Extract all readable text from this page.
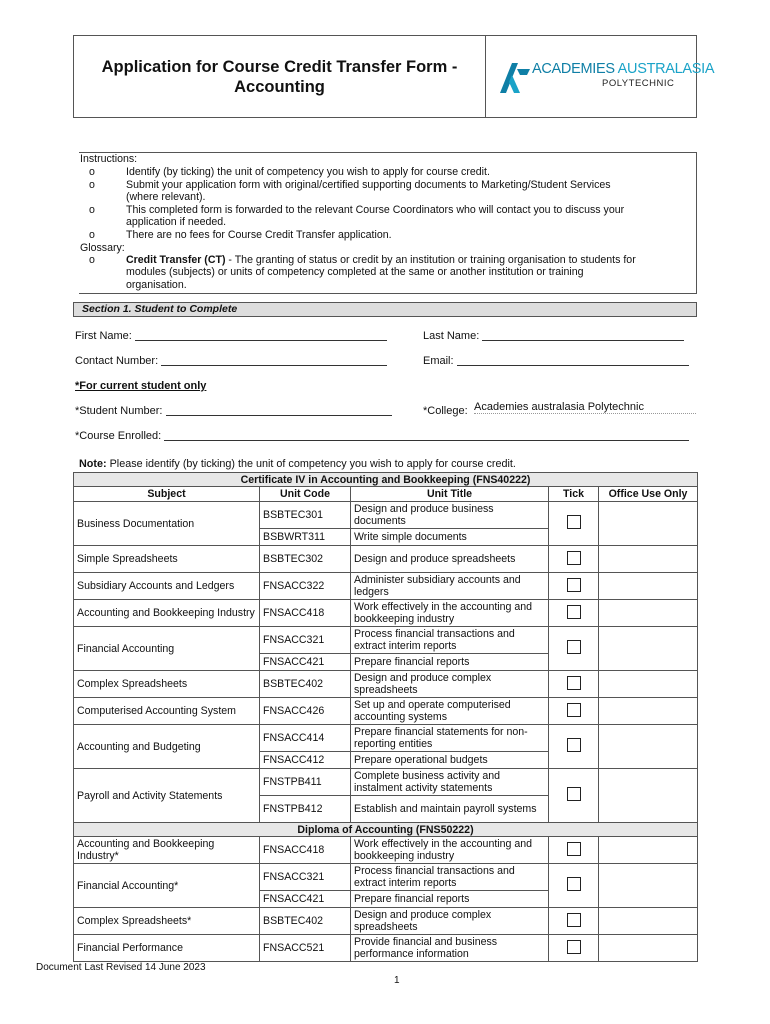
Application for Course Credit Transfer Form -
Accounting
ACADEMIES AUSTRALASIA
POLYTECHNIC
Instructions:
o	Identify (by ticking) the unit of competency you wish to apply for course credit.
o	Submit your application form with original/certified supporting documents to Marketing/Student Services
(where relevant).
o	This completed form is forwarded to the relevant Course Coordinators who will contact you to discuss your
application if needed.
o	There are no fees for Course Credit Transfer application.
Glossary:
o	Credit Transfer (CT) - The granting of status or credit by an institution or training organisation to students for
modules (subjects) or units of competency completed at the same or another institution or training
organisation.
Section 1. Student to Complete
First Name:	Last Name:
Contact Number:	Email:
*For current student only
*Student Number:	*College: Academies australasia Polytechnic
*Course Enrolled:
Note: Please identify (by ticking) the unit of competency you wish to apply for course credit.
Certificate IV in Accounting and Bookkeeping (FNS40222)				
Subject	Unit Code	Unit Title	Tick	Office Use Only
Business Documentation	BSBTEC301	Design and produce business documents		
	BSBWRT311	Write simple documents		
Simple Spreadsheets	BSBTEC302	Design and produce spreadsheets		
Subsidiary Accounts and Ledgers	FNSACC322	Administer subsidiary accounts and ledgers		
Accounting and Bookkeeping Industry	FNSACC418	Work effectively in the accounting and bookkeeping industry		
Financial Accounting	FNSACC321	Process financial transactions and extract interim reports		
	FNSACC421	Prepare financial reports		
Complex Spreadsheets	BSBTEC402	Design and produce complex spreadsheets		
Computerised Accounting System	FNSACC426	Set up and operate computerised accounting systems		
Accounting and Budgeting	FNSACC414	Prepare financial statements for non-reporting entities		
	FNSACC412	Prepare operational budgets		
Payroll and Activity Statements	FNSTPB411	Complete business activity and instalment activity statements		
	FNSTPB412	Establish and maintain payroll systems		
Diploma of Accounting (FNS50222)				
Accounting and Bookkeeping Industry*	FNSACC418	Work effectively in the accounting and bookkeeping industry		
Financial Accounting*	FNSACC321	Process financial transactions and extract interim reports		
	FNSACC421	Prepare financial reports		
Complex Spreadsheets*	BSBTEC402	Design and produce complex spreadsheets		
Financial Performance	FNSACC521	Provide financial and business performance information		
Document Last Revised 14 June 2023
1
